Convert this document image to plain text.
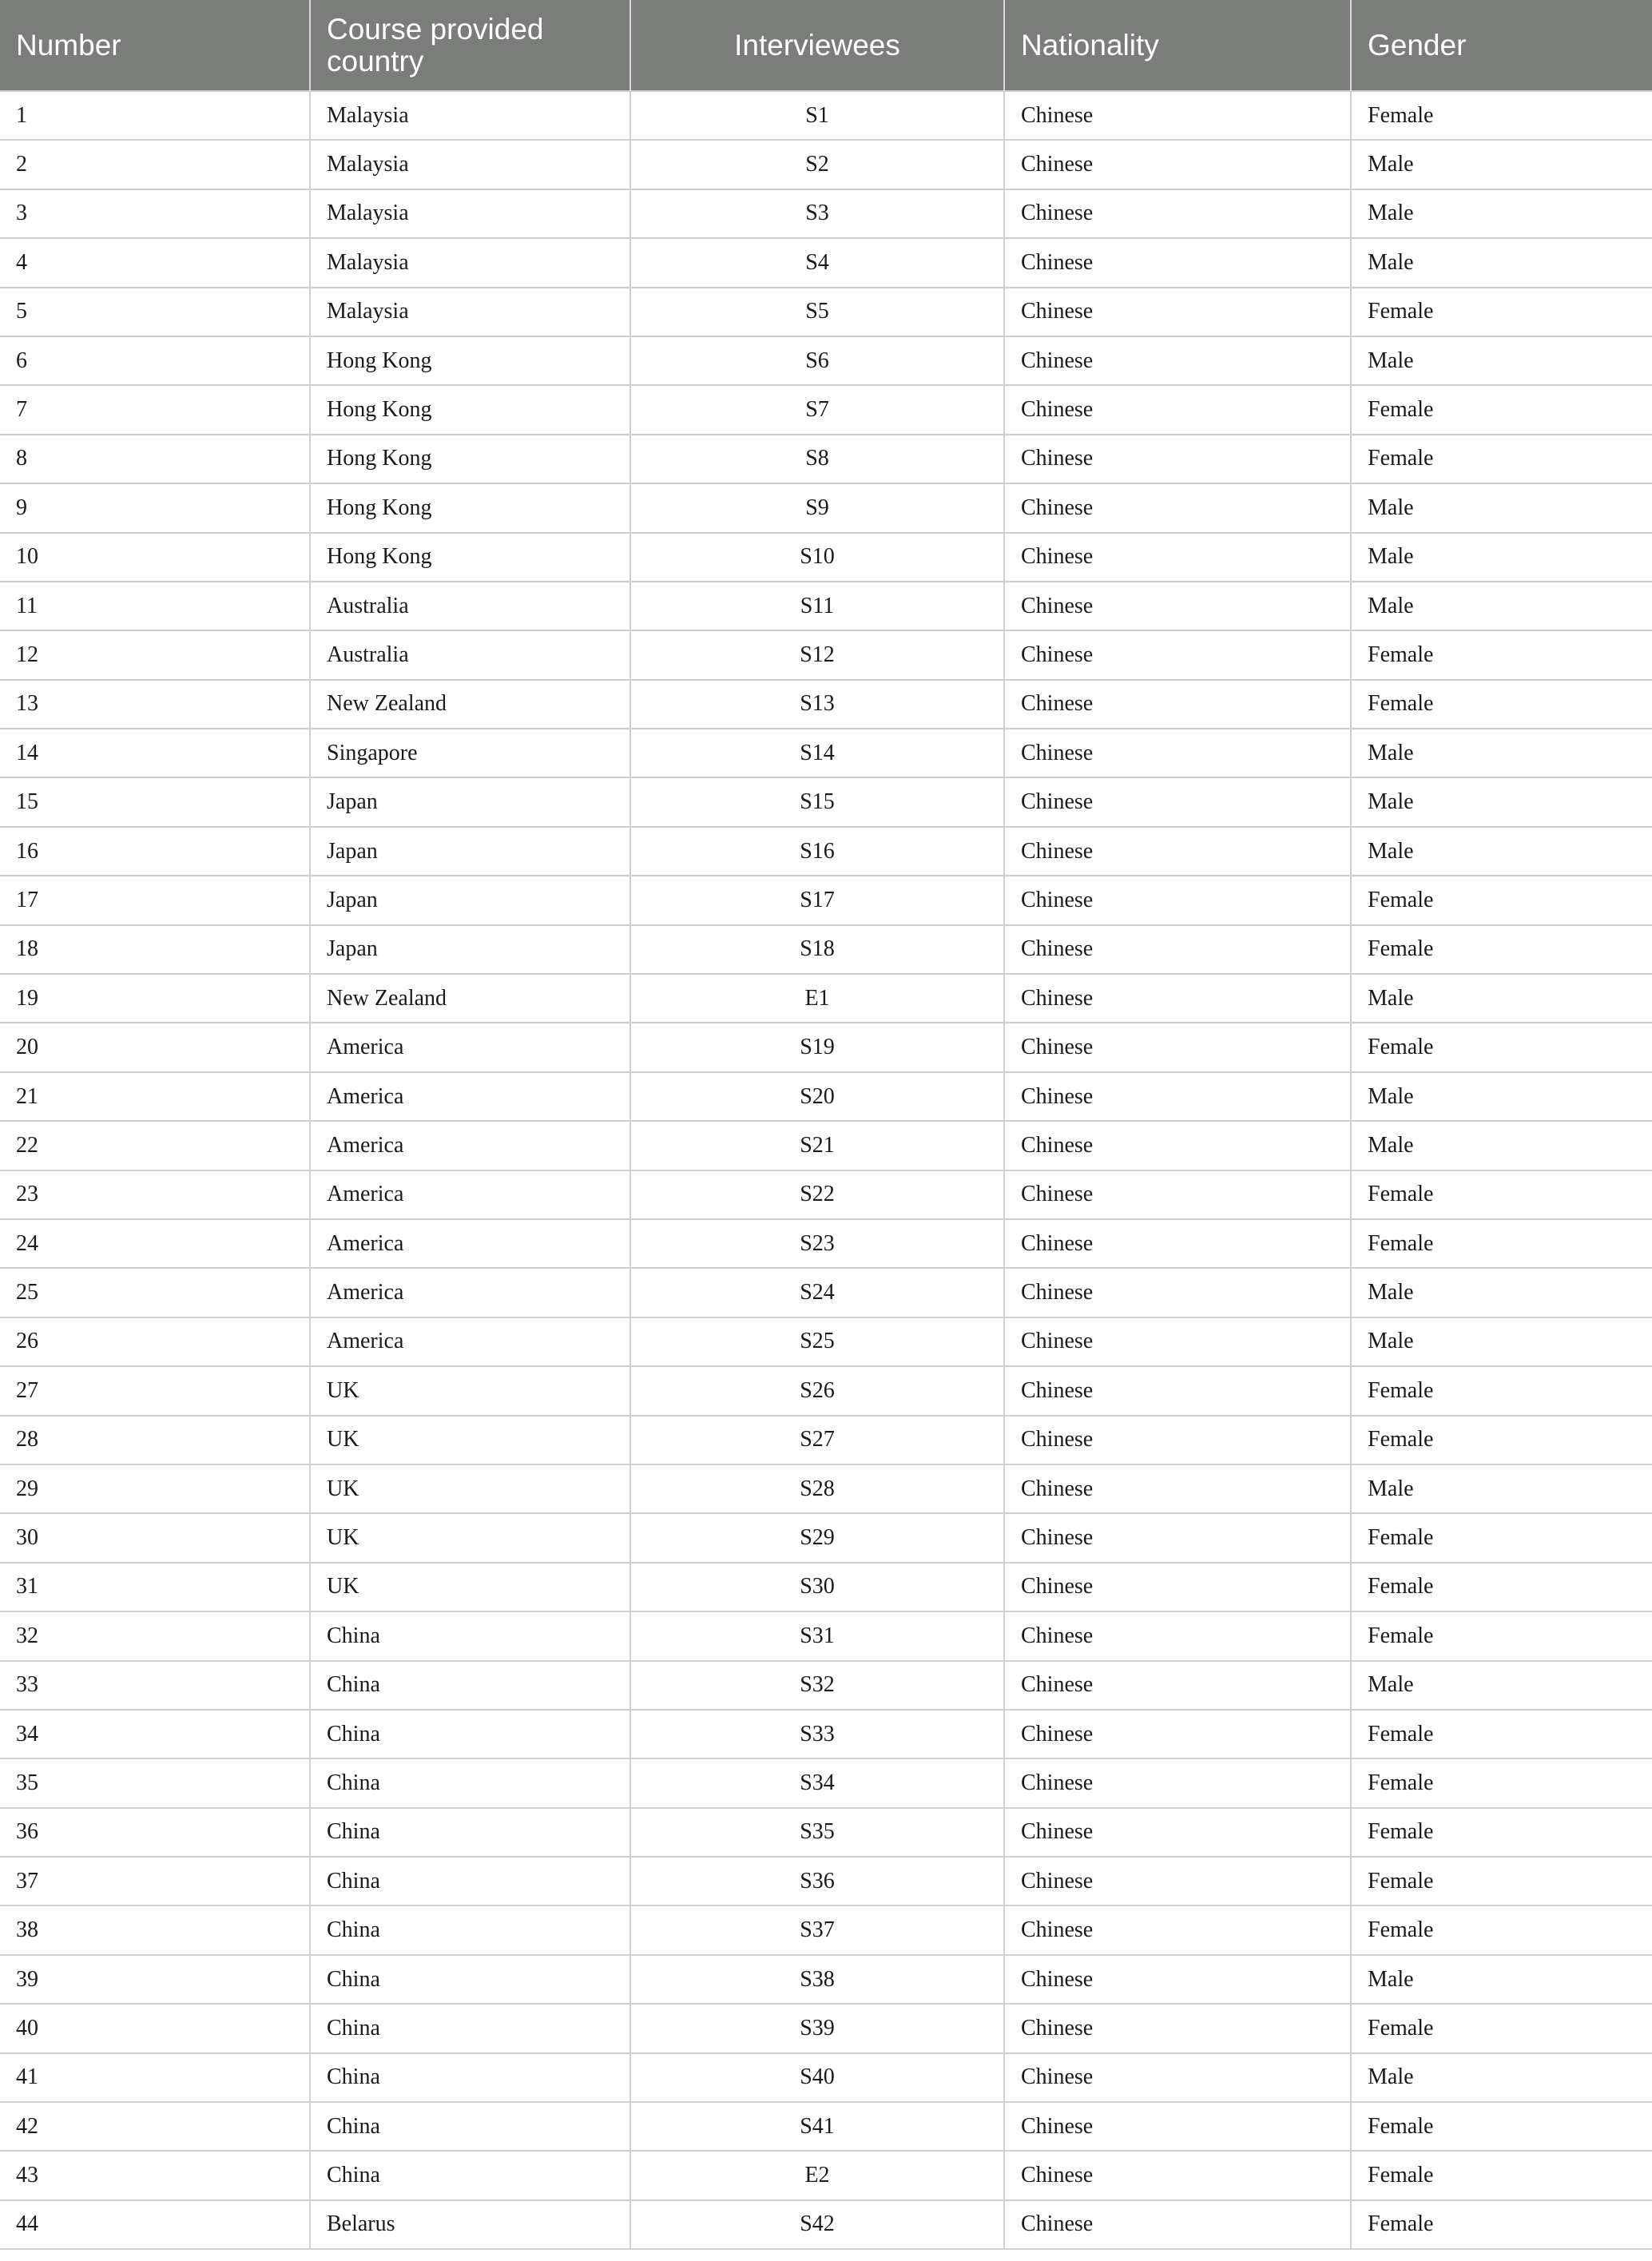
Number	Course provided country	Interviewees	Nationality	Gender
1	Malaysia	S1	Chinese	Female
2	Malaysia	S2	Chinese	Male
3	Malaysia	S3	Chinese	Male
4	Malaysia	S4	Chinese	Male
5	Malaysia	S5	Chinese	Female
6	Hong Kong	S6	Chinese	Male
7	Hong Kong	S7	Chinese	Female
8	Hong Kong	S8	Chinese	Female
9	Hong Kong	S9	Chinese	Male
10	Hong Kong	S10	Chinese	Male
11	Australia	S11	Chinese	Male
12	Australia	S12	Chinese	Female
13	New Zealand	S13	Chinese	Female
14	Singapore	S14	Chinese	Male
15	Japan	S15	Chinese	Male
16	Japan	S16	Chinese	Male
17	Japan	S17	Chinese	Female
18	Japan	S18	Chinese	Female
19	New Zealand	E1	Chinese	Male
20	America	S19	Chinese	Female
21	America	S20	Chinese	Male
22	America	S21	Chinese	Male
23	America	S22	Chinese	Female
24	America	S23	Chinese	Female
25	America	S24	Chinese	Male
26	America	S25	Chinese	Male
27	UK	S26	Chinese	Female
28	UK	S27	Chinese	Female
29	UK	S28	Chinese	Male
30	UK	S29	Chinese	Female
31	UK	S30	Chinese	Female
32	China	S31	Chinese	Female
33	China	S32	Chinese	Male
34	China	S33	Chinese	Female
35	China	S34	Chinese	Female
36	China	S35	Chinese	Female
37	China	S36	Chinese	Female
38	China	S37	Chinese	Female
39	China	S38	Chinese	Male
40	China	S39	Chinese	Female
41	China	S40	Chinese	Male
42	China	S41	Chinese	Female
43	China	E2	Chinese	Female
44	Belarus	S42	Chinese	Female
